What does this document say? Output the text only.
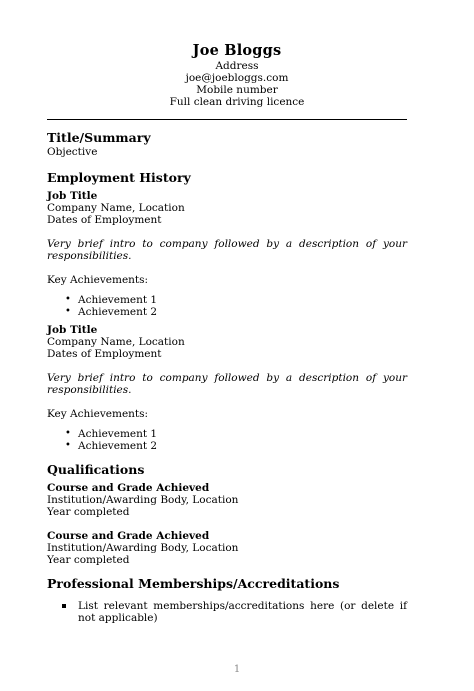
Joe Bloggs
Address
joe@joebloggs.com
Mobile number
Full clean driving licence
Title/Summary
Objective
Employment History
Job Title
Company Name, Location
Dates of Employment
Very brief intro to company followed by a description of your responsibilities.
Key Achievements:
• Achievement 1
• Achievement 2
Job Title
Company Name, Location
Dates of Employment
Very brief intro to company followed by a description of your responsibilities.
Key Achievements:
• Achievement 1
• Achievement 2
Qualifications
Course and Grade Achieved
Institution/Awarding Body, Location
Year completed
Course and Grade Achieved
Institution/Awarding Body, Location
Year completed
Professional Memberships/Accreditations
List relevant memberships/accreditations here (or delete if not applicable)
1
